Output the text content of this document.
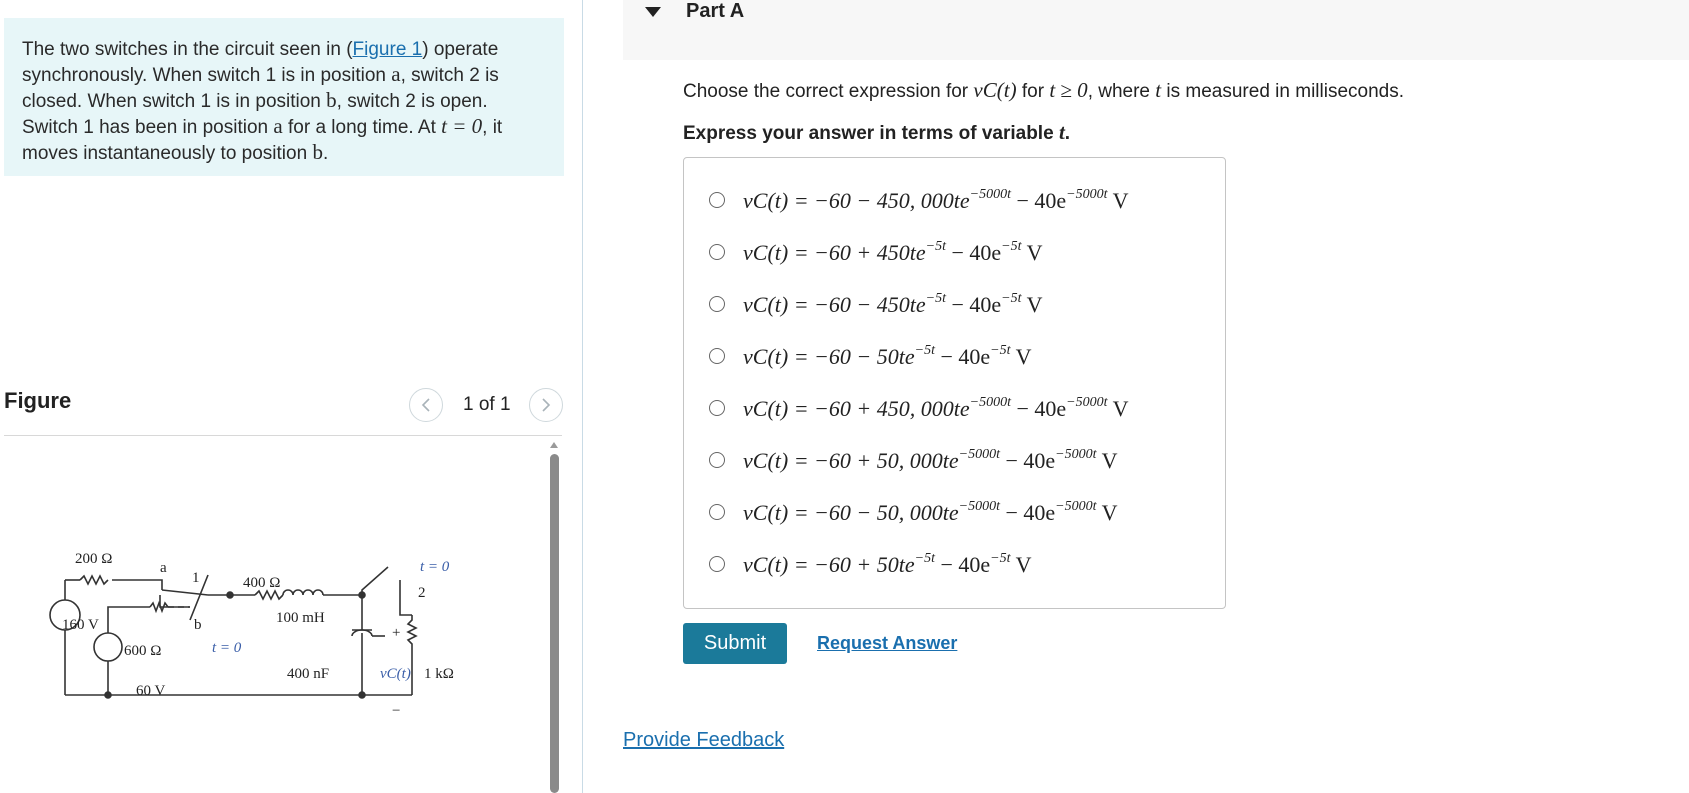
The two switches in the circuit seen in (Figure 1) operate synchronously. When switch 1 is in position a, switch 2 is closed. When switch 1 is in position b, switch 2 is open. Switch 1 has been in position a for a long time. At t = 0, it moves instantaneously to position b.
Figure	1 of 1
200 Ω
a
1	400 Ω
100 mH
t = 0
2
160 V	b
600 Ω	t = 0
+
400 nF	vC(t) 1 kΩ
60 V
−
Part A
Choose the correct expression for vC(t) for t ≥ 0, where t is measured in milliseconds.
Express your answer in terms of variable t.
vC(t) = −60 − 450, $000te^{-5000t} - 40e^{-5000t}$ V
$vC(t) = -60 + 450te^{-5t} - 40e^{-5t}$ V
$vC(t) = -60 - 450te^{-5t} - 40e^{-5t}$ V
$vC(t) = -60 - 50te^{-5t} - 40e^{-5t}$ V
vC(t) = −60 + 450, $000te^{-5000t} - 40e^{-5000t}$ V
vC(t) = −60 + 50, $000te^{-5000t} - 40e^{-5000t}$ V
vC(t) = −60 − 50, $000te^{-5000t} - 40e^{-5000t}$ V
$vC(t) = -60 + 50te^{-5t} - 40e^{-5t}$ V
Submit	Request Answer
Provide Feedback
